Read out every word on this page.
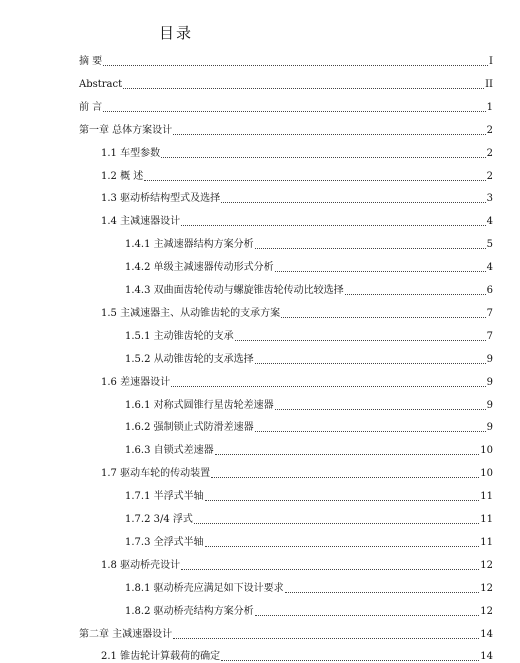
目录
摘 要	I
Abstract	II
前 言	1
第一章 总体方案设计	2
1.1 车型参数	2
1.2 概 述	2
1.3 驱动桥结构型式及选择	3
1.4 主减速器设计	4
1.4.1 主减速器结构方案分析	5
1.4.2 单级主减速器传动形式分析	4
1.4.3 双曲面齿轮传动与螺旋锥齿轮传动比较选择	6
1.5 主减速器主、从动锥齿轮的支承方案	7
1.5.1 主动锥齿轮的支承	7
1.5.2 从动锥齿轮的支承选择	9
1.6 差速器设计	9
1.6.1 对称式圆锥行星齿轮差速器	9
1.6.2 强制锁止式防滑差速器	9
1.6.3 自锁式差速器	10
1.7 驱动车轮的传动装置	10
1.7.1 半浮式半轴	11
1.7.2 3/4 浮式	11
1.7.3 全浮式半轴	11
1.8 驱动桥壳设计	12
1.8.1 驱动桥壳应满足如下设计要求	12
1.8.2 驱动桥壳结构方案分析	12
第二章 主减速器设计	14
2.1 锥齿轮计算载荷的确定	14
